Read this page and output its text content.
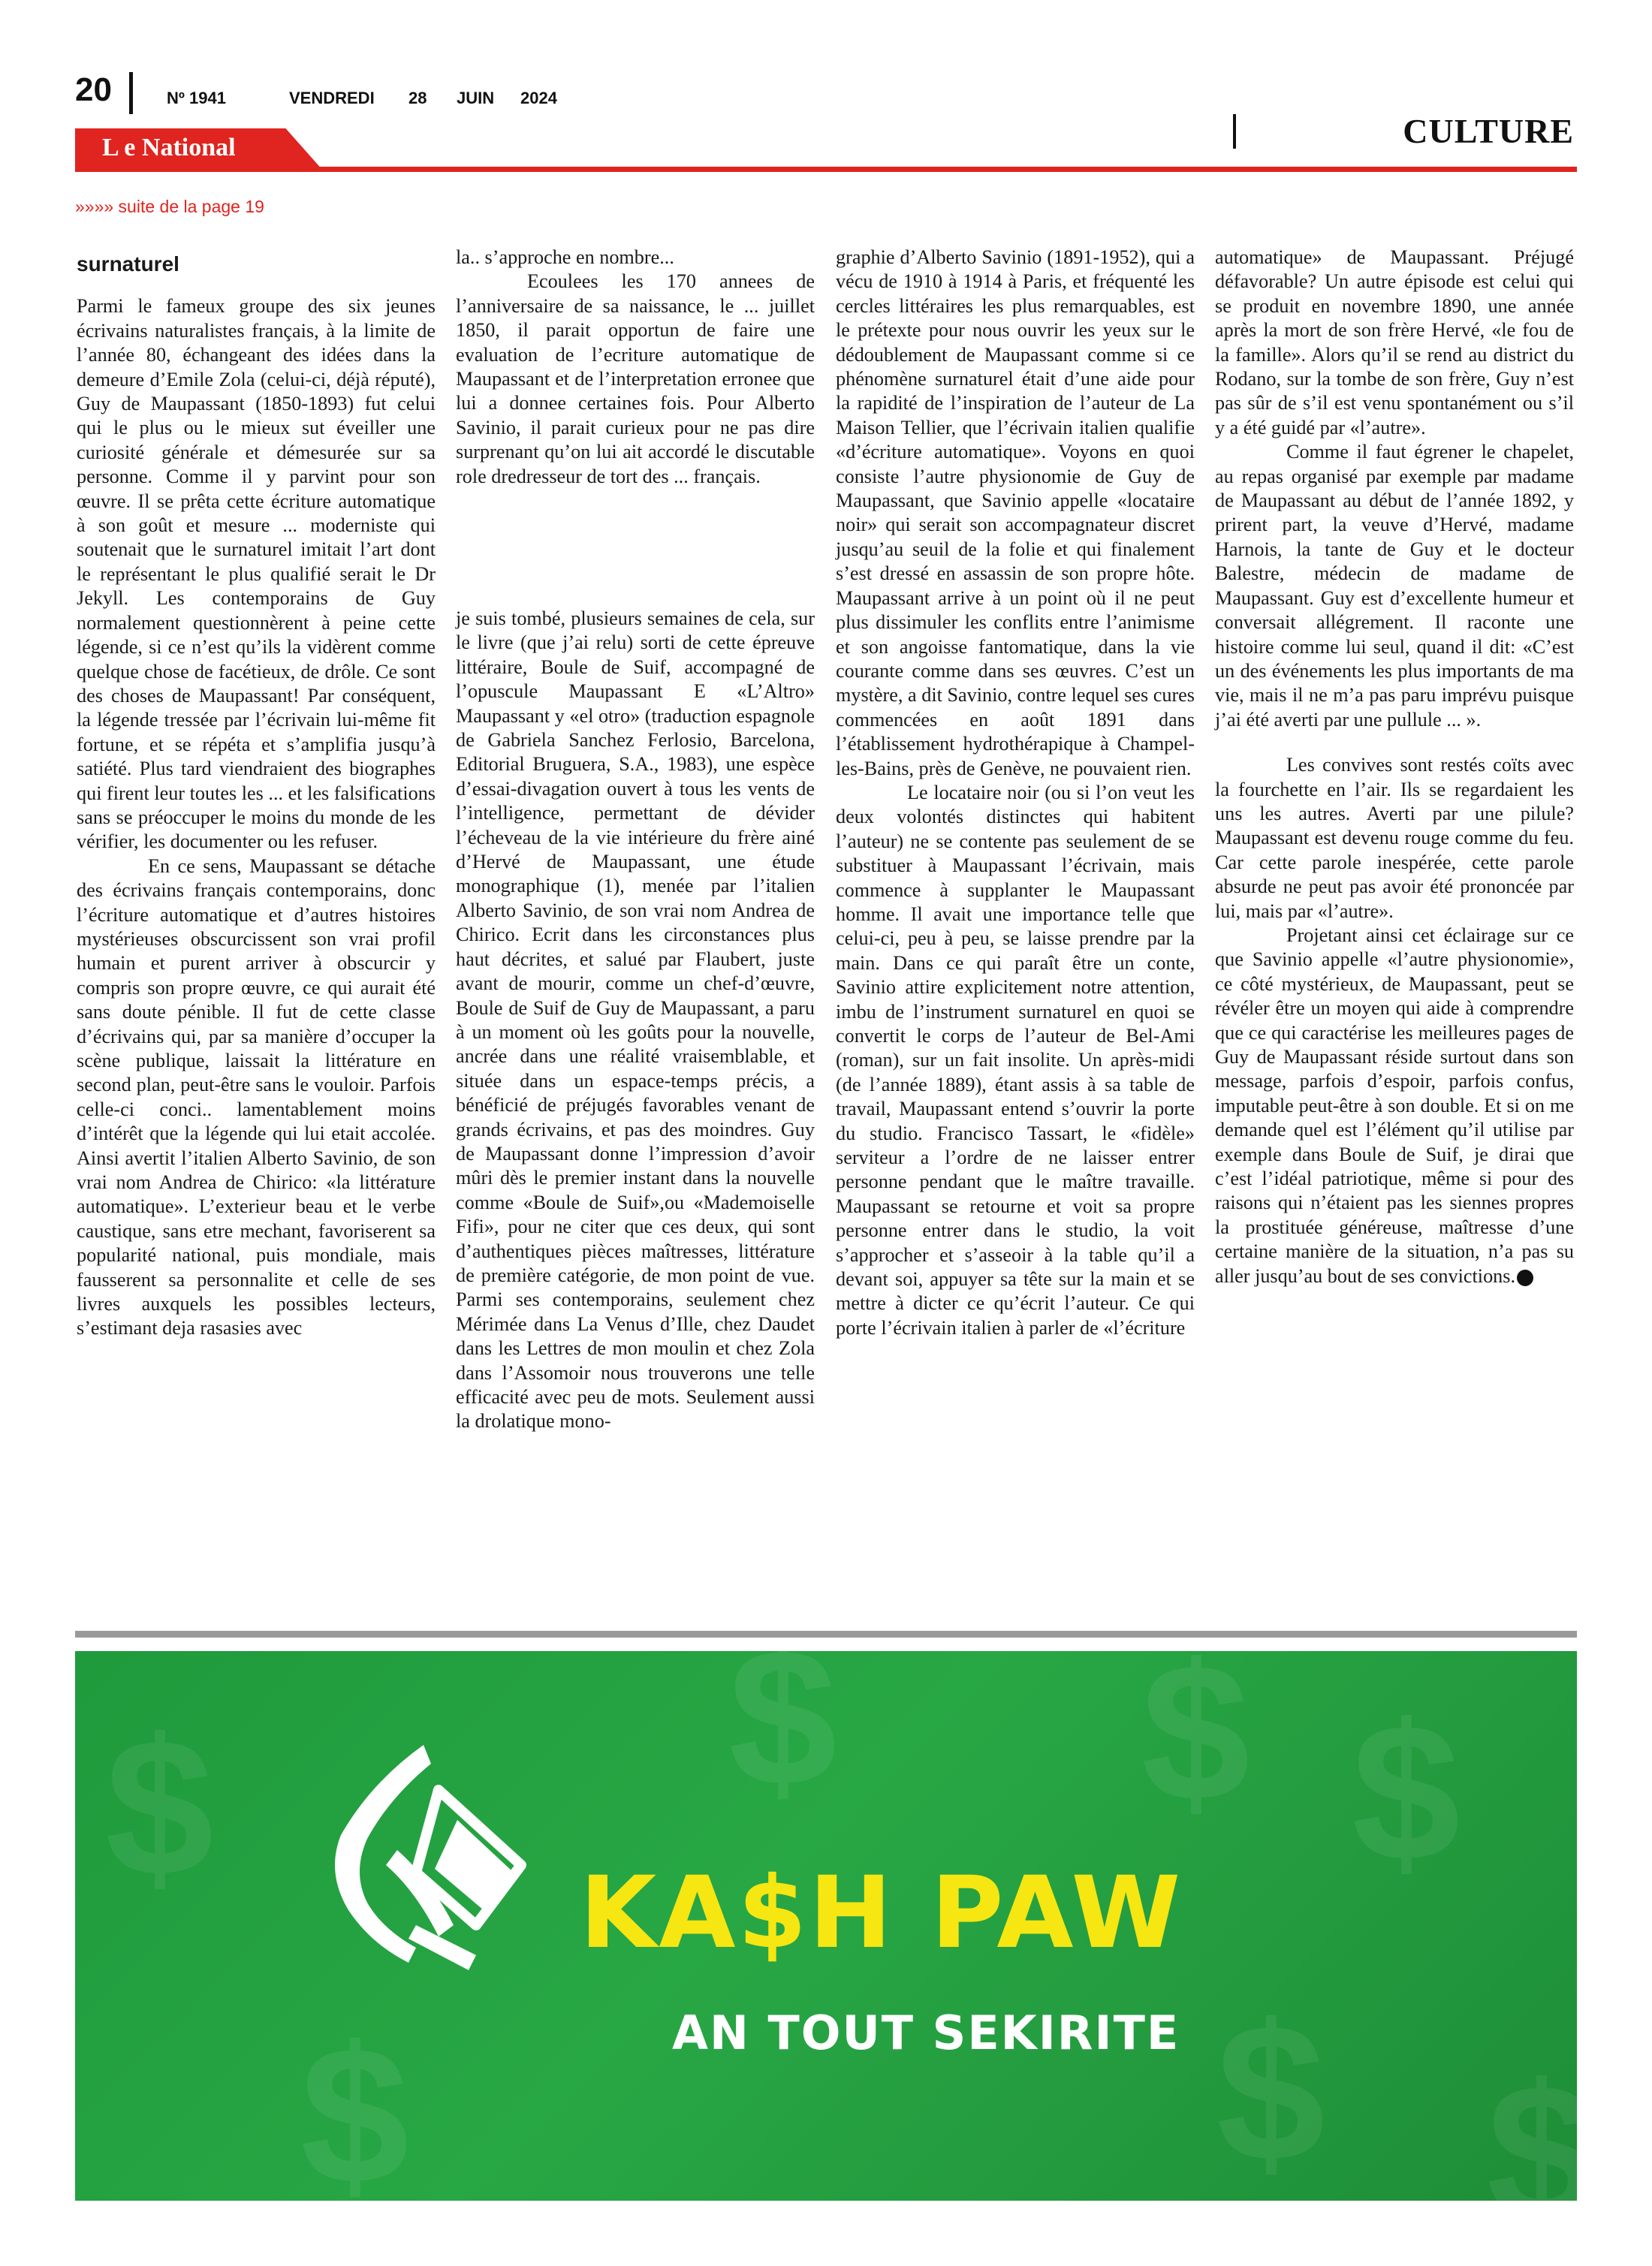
20	Nº 1941	VENDREDI 28 JUIN 2024
CULTURE
L e National
»»»» suite de la page 19

surnaturel

Parmi le fameux groupe des six jeunes écrivains naturalistes français, à la limite de l’année 80, échangeant des idées dans la demeure d’Emile Zola (celui-ci, déjà réputé), Guy de Maupassant (1850-1893) fut celui qui le plus ou le mieux sut éveiller une curiosité générale et démesurée sur sa personne. Comme il y parvint pour son œuvre. Il se prêta cette écriture automatique à son goût et mesure ... moderniste qui soutenait que le surnaturel imitait l’art dont le représentant le plus qualifié serait le Dr Jekyll. Les contemporains de Guy normalement questionnèrent à peine cette légende, si ce n’est qu’ils la vidèrent comme quelque chose de facétieux, de drôle. Ce sont des choses de Maupassant! Par conséquent, la légende tressée par l’écrivain lui-même fit fortune, et se répéta et s’amplifia jusqu’à satiété. Plus tard viendraient des biographes qui firent leur toutes les ... et les falsifications sans se préoccuper le moins du monde de les vérifier, les documenter ou les refuser.

En ce sens, Maupassant se détache des écrivains français contemporains, donc l’écriture automatique et d’autres histoires mystérieuses obscurcissent son vrai profil humain et purent arriver à obscurcir y compris son propre œuvre, ce qui aurait été sans doute pénible. Il fut de cette classe d’écrivains qui, par sa manière d’occuper la scène publique, laissait la littérature en second plan, peut-être sans le vouloir. Parfois celle-ci conci.. lamentablement moins d’intérêt que la légende qui lui etait accolée. Ainsi avertit l’italien Alberto Savinio, de son vrai nom Andrea de Chirico: «la littérature automatique». L’exterieur beau et le verbe caustique, sans etre mechant, favoriserent sa popularité national, puis mondiale, mais fausserent sa personnalite et celle de ses livres auxquels les possibles lecteurs, s’estimant deja rasasies avec

la.. s’approche en nombre...

Ecoulees les 170 annees de l’anniversaire de sa naissance, le ... juillet 1850, il parait opportun de faire une evaluation de l’ecriture automatique de Maupassant et de l’interpretation erronee que lui a donnee certaines fois. Pour Alberto Savinio, il parait curieux pour ne pas dire surprenant qu’on lui ait accordé le discutable role dredresseur de tort des ... français.

je suis tombé, plusieurs semaines de cela, sur le livre (que j’ai relu) sorti de cette épreuve littéraire, Boule de Suif, accompagné de l’opuscule Maupassant E «L’Altro» Maupassant y «el otro» (traduction espagnole de Gabriela Sanchez Ferlosio, Barcelona, Editorial Bruguera, S.A., 1983), une espèce d’essai-divagation ouvert à tous les vents de l’intelligence, permettant de dévider l’écheveau de la vie intérieure du frère ainé d’Hervé de Maupassant, une étude monographique (1), menée par l’italien Alberto Savinio, de son vrai nom Andrea de Chirico. Ecrit dans les circonstances plus haut décrites, et salué par Flaubert, juste avant de mourir, comme un chef-d’œuvre, Boule de Suif de Guy de Maupassant, a paru à un moment où les goûts pour la nouvelle, ancrée dans une réalité vraisemblable, et située dans un espace-temps précis, a bénéficié de préjugés favorables venant de grands écrivains, et pas des moindres. Guy de Maupassant donne l’impression d’avoir mûri dès le premier instant dans la nouvelle comme «Boule de Suif»,ou «Mademoiselle Fifi», pour ne citer que ces deux, qui sont d’authentiques pièces maîtresses, littérature de première catégorie, de mon point de vue. Parmi ses contemporains, seulement chez Mérimée dans La Venus d’Ille, chez Daudet dans les Lettres de mon moulin et chez Zola dans l’Assomoir nous trouverons une telle efficacité avec peu de mots. Seulement aussi la drolatique mono-

graphie d’Alberto Savinio (1891-1952), qui a vécu de 1910 à 1914 à Paris, et fréquenté les cercles littéraires les plus remarquables, est le prétexte pour nous ouvrir les yeux sur le dédoublement de Maupassant comme si ce phénomène surnaturel était d’une aide pour la rapidité de l’inspiration de l’auteur de La Maison Tellier, que l’écrivain italien qualifie «d’écriture automatique». Voyons en quoi consiste l’autre physionomie de Guy de Maupassant, que Savinio appelle «locataire noir» qui serait son accompagnateur discret jusqu’au seuil de la folie et qui finalement s’est dressé en assassin de son propre hôte. Maupassant arrive à un point où il ne peut plus dissimuler les conflits entre l’animisme et son angoisse fantomatique, dans la vie courante comme dans ses œuvres. C’est un mystère, a dit Savinio, contre lequel ses cures commencées en août 1891 dans l’établissement hydrothérapique à Champel-les-Bains, près de Genève, ne pouvaient rien.

Le locataire noir (ou si l’on veut les deux volontés distinctes qui habitent l’auteur) ne se contente pas seulement de se substituer à Maupassant l’écrivain, mais commence à supplanter le Maupassant homme. Il avait une importance telle que celui-ci, peu à peu, se laisse prendre par la main. Dans ce qui paraît être un conte, Savinio attire explicitement notre attention, imbu de l’instrument surnaturel en quoi se convertit le corps de l’auteur de Bel-Ami (roman), sur un fait insolite. Un après-midi (de l’année 1889), étant assis à sa table de travail, Maupassant entend s’ouvrir la porte du studio. Francisco Tassart, le «fidèle» serviteur a l’ordre de ne laisser entrer personne pendant que le maître travaille. Maupassant se retourne et voit sa propre personne entrer dans le studio, la voit s’approcher et s’asseoir à la table qu’il a devant soi, appuyer sa tête sur la main et se mettre à dicter ce qu’écrit l’auteur. Ce qui porte l’écrivain italien à parler de «l’écriture

automatique» de Maupassant. Préjugé défavorable? Un autre épisode est celui qui se produit en novembre 1890, une année après la mort de son frère Hervé, «le fou de la famille». Alors qu’il se rend au district du Rodano, sur la tombe de son frère, Guy n’est pas sûr de s’il est venu spontanément ou s’il y a été guidé par «l’autre».

Comme il faut égrener le chapelet, au repas organisé par exemple par madame de Maupassant au début de l’année 1892, y prirent part, la veuve d’Hervé, madame Harnois, la tante de Guy et le docteur Balestre, médecin de madame de Maupassant. Guy est d’excellente humeur et conversait allégrement. Il raconte une histoire comme lui seul, quand il dit: «C’est un des événements les plus importants de ma vie, mais il ne m’a pas paru imprévu puisque j’ai été averti par une pullule ... ».

Les convives sont restés coïts avec la fourchette en l’air. Ils se regardaient les uns les autres. Averti par une pilule? Maupassant est devenu rouge comme du feu. Car cette parole inespérée, cette parole absurde ne peut pas avoir été prononcée par lui, mais par «l’autre».

Projetant ainsi cet éclairage sur ce que Savinio appelle «l’autre physionomie», ce côté mystérieux, de Maupassant, peut se révéler être un moyen qui aide à comprendre que ce qui caractérise les meilleures pages de Guy de Maupassant réside surtout dans son message, parfois d’espoir, parfois confus, imputable peut-être à son double. Et si on me demande quel est l’élément qu’il utilise par exemple dans Boule de Suif, je dirai que c’est l’idéal patriotique, même si pour des raisons qui n’étaient pas les siennes propres la prostituée généreuse, maîtresse d’une certaine manière de la situation, n’a pas su aller jusqu’au bout de ses convictions.

$ $ $
$
$	$
$	KA$H PAW
AN TOUT SEKIRITE
